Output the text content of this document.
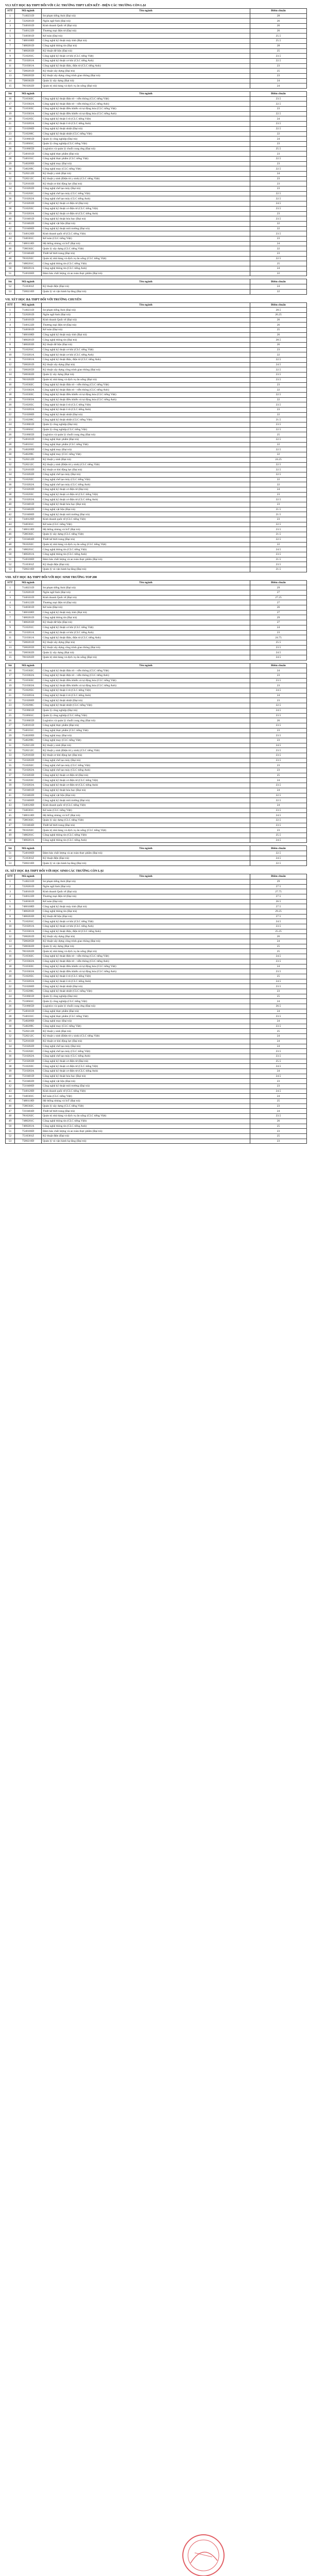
VI.3 XÉT HỌC BẠ THPT ĐỐI VỚI CÁC TRƯỜNG THPT LIÊN KẾT - ĐIỆN CÁC TRƯỜNG CÒN LẠI
STT	Mã ngành	Tên ngành	Điểm chuẩn
1	7140231D	Sư phạm tiếng Anh (Đại trà)	28
2	7220201D	Ngôn ngữ Anh (Đại trà)	26
3	7340101D	Kinh doanh Quốc tế (Đại trà)	26
4	7340122D	Thương mại điện tử (Đại trà)	26
5	7340301D	Kế toán (Đại trà)	25.5
6	7480108D	Công nghệ kỹ thuật máy tính (Đại trà)	25.5
7	7480201D	Công nghệ thông tin (Đại trà)	28
8	7480203D	Kỹ thuật dữ liệu (Đại trà)	25
9	7510201C	Công nghệ kỹ thuật cơ khí (CLC tiếng Việt)	23.5
10	7510201A	Công nghệ kỹ thuật cơ khí (CLC tiếng Anh)	22.5
11	7510301A	Công nghệ kỹ thuật điện, điện tử (CLC tiếng Anh)	23
12	7580201D	Kỹ thuật xây dựng (Đại trà)	25
13	7580205D	Kỹ thuật xây dựng công trình giao thông (Đại trà)	23
14	7580302D	Quản lý xây dựng (Đại trà)	24
15	7810202D	Quản trị nhà hàng và dịch vụ ăn uống (Đại trà)	24
Stt	Mã ngành	Tên ngành	Điểm chuẩn
16	7510302C	Công nghệ kỹ thuật điện tử - viễn thông (CLC tiếng Việt)	23.5
17	7510302A	Công nghệ kỹ thuật điện tử - viễn thông (CLC tiếng Anh)	22.5
18	7510303C	Công nghệ kỹ thuật điều khiển và tự động hóa (CLC tiếng Việt)	23
19	7510303A	Công nghệ kỹ thuật điều khiển và tự động hóa (CLC tiếng Anh)	22.5
20	7510205C	Công nghệ kỹ thuật ô tô (CLC tiếng Việt)	24
21	7510205A	Công nghệ kỹ thuật ô tô (CLC tiếng Anh)	23.5
22	7510206D	Công nghệ kỹ thuật nhiệt (Đại trà)	22.5
23	7510206C	Công nghệ kỹ thuật nhiệt (CLC tiếng Việt)	22
24	7510601D	Quản lý công nghiệp (Đại trà)	24
25	7510601C	Quản lý công nghiệp (CLC tiếng Việt)	23
26	7510605D	Logistics và quản lý chuỗi cung ứng (Đại trà)	25.5
27	7540101D	Công nghệ thực phẩm (Đại trà)	23
28	7540101C	Công nghệ thực phẩm (CLC tiếng Việt)	22.5
29	7540209D	Công nghệ may (Đại trà)	23
30	7540209C	Công nghệ may (CLC tiếng Việt)	22.5
31	7520212D	Kỹ thuật y sinh (Đại trà)	24
32	7520212C	Kỹ thuật y sinh (Điện tử y sinh) (CLC tiếng Việt)	23
33	7520103D	Kỹ thuật cơ khí động lực (Đại trà)	23
34	7510202D	Công nghệ chế tạo máy (Đại trà)	23
35	7510202C	Công nghệ chế tạo máy (CLC tiếng Việt)	22.5
36	7510202A	Công nghệ chế tạo máy (CLC tiếng Anh)	22.5
37	7510203D	Công nghệ kỹ thuật cơ điện tử (Đại trà)	24.5
38	7510203C	Công nghệ kỹ thuật cơ điện tử (CLC tiếng Việt)	23.5
39	7510203A	Công nghệ kỹ thuật cơ điện tử (CLC tiếng Anh)	23
40	7510401D	Công nghệ kỹ thuật hóa học (Đại trà)	23.5
41	7510402D	Công nghệ vật liệu (Đại trà)	22
42	7510406D	Công nghệ kỹ thuật môi trường (Đại trà)	22
43	7340120D	Kinh doanh quốc tế (CLC tiếng Việt)	23.5
44	7340301C	Kế toán (CLC tiếng Việt)	23
45	7480118D	Hệ thống nhúng và IoT (Đại trà)	24
46	7580302C	Quản lý xây dựng (CLC tiếng Việt)	22
47	7210404D	Thiết kế thời trang (Đại trà)	23
48	7810202C	Quản trị nhà hàng và dịch vụ ăn uống (CLC tiếng Việt)	22.5
49	7480201C	Công nghệ thông tin (CLC tiếng Việt)	25
50	7480201A	Công nghệ thông tin (CLC tiếng Anh)	24
51	7540106D	Đảm bảo chất lượng và an toàn thực phẩm (Đại trà)	22
Stt	Mã ngành	Tên ngành	Điểm chuẩn
52	7510301Z	Kỹ thuật điện (Đại trà)	24
53	7580210D	Quản lý và vận hành hạ tầng (Đại trà)	22
VII. XÉT HỌC BẠ THPT ĐỐI VỚI TRƯỜNG CHUYÊN
STT	Mã ngành	Tên ngành	Điểm chuẩn
1	7140231D	Sư phạm tiếng Anh (Đại trà)	28.5
2	7220201D	Ngôn ngữ Anh (Đại trà)	26.25
3	7340101D	Kinh doanh Quốc tế (Đại trà)	26
4	7340122D	Thương mại điện tử (Đại trà)	26
5	7340301D	Kế toán (Đại trà)	25
6	7480108D	Công nghệ kỹ thuật máy tính (Đại trà)	26
7	7480201D	Công nghệ thông tin (Đại trà)	28.5
8	7480203D	Kỹ thuật dữ liệu (Đại trà)	26
9	7510201C	Công nghệ kỹ thuật cơ khí (CLC tiếng Việt)	23
10	7510201A	Công nghệ kỹ thuật cơ khí (CLC tiếng Anh)	22
11	7510301A	Công nghệ kỹ thuật điện, điện tử (CLC tiếng Anh)	22.5
12	7580201D	Kỹ thuật xây dựng (Đại trà)	24.5
13	7580205D	Kỹ thuật xây dựng công trình giao thông (Đại trà)	22.5
14	7580302D	Quản lý xây dựng (Đại trà)	23.5
15	7810202D	Quản trị nhà hàng và dịch vụ ăn uống (Đại trà)	23.5
16	7510302C	Công nghệ kỹ thuật điện tử - viễn thông (CLC tiếng Việt)	23
17	7510302A	Công nghệ kỹ thuật điện tử - viễn thông (CLC tiếng Anh)	22
18	7510303C	Công nghệ kỹ thuật điều khiển và tự động hóa (CLC tiếng Việt)	22.5
19	7510303A	Công nghệ kỹ thuật điều khiển và tự động hóa (CLC tiếng Anh)	22
20	7510205C	Công nghệ kỹ thuật ô tô (CLC tiếng Việt)	23.5
21	7510205A	Công nghệ kỹ thuật ô tô (CLC tiếng Anh)	23
22	7510206D	Công nghệ kỹ thuật nhiệt (Đại trà)	22
23	7510206C	Công nghệ kỹ thuật nhiệt (CLC tiếng Việt)	21.5
24	7510601D	Quản lý công nghiệp (Đại trà)	23.5
25	7510601C	Quản lý công nghiệp (CLC tiếng Việt)	22.5
26	7510605D	Logistics và quản lý chuỗi cung ứng (Đại trà)	25
27	7540101D	Công nghệ thực phẩm (Đại trà)	22.5
28	7540101C	Công nghệ thực phẩm (CLC tiếng Việt)	22
29	7540209D	Công nghệ may (Đại trà)	22.5
30	7540209C	Công nghệ may (CLC tiếng Việt)	22
31	7520212D	Kỹ thuật y sinh (Đại trà)	24.25
32	7520212C	Kỹ thuật y sinh (Điện tử y sinh) (CLC tiếng Việt)	22.5
33	7520103D	Kỹ thuật cơ khí động lực (Đại trà)	22.5
34	7510202D	Công nghệ chế tạo máy (Đại trà)	22.5
35	7510202C	Công nghệ chế tạo máy (CLC tiếng Việt)	22
36	7510202A	Công nghệ chế tạo máy (CLC tiếng Anh)	22
37	7510203D	Công nghệ kỹ thuật cơ điện tử (Đại trà)	24
38	7510203C	Công nghệ kỹ thuật cơ điện tử (CLC tiếng Việt)	23
39	7510203A	Công nghệ kỹ thuật cơ điện tử (CLC tiếng Anh)	22.5
40	7510401D	Công nghệ kỹ thuật hóa học (Đại trà)	23
41	7510402D	Công nghệ vật liệu (Đại trà)	21.5
42	7510406D	Công nghệ kỹ thuật môi trường (Đại trà)	21.5
43	7340120D	Kinh doanh quốc tế (CLC tiếng Việt)	23
44	7340301C	Kế toán (CLC tiếng Việt)	22.5
45	7480118D	Hệ thống nhúng và IoT (Đại trà)	23.5
46	7580302C	Quản lý xây dựng (CLC tiếng Việt)	21.5
47	7210404D	Thiết kế thời trang (Đại trà)	22.5
48	7810202C	Quản trị nhà hàng và dịch vụ ăn uống (CLC tiếng Việt)	22
49	7480201C	Công nghệ thông tin (CLC tiếng Việt)	24.5
50	7480201A	Công nghệ thông tin (CLC tiếng Anh)	23.5
51	7540106D	Đảm bảo chất lượng và an toàn thực phẩm (Đại trà)	21.5
52	7510301Z	Kỹ thuật điện (Đại trà)	23.5
53	7580210D	Quản lý và vận hành hạ tầng (Đại trà)	21.5
VIII. XÉT HỌC BẠ THPT ĐỐI VỚI HỌC SINH TRƯỜNG TOP 200
STT	Mã ngành	Tên ngành	Điểm chuẩn
1	7140231D	Sư phạm tiếng Anh (Đại trà)	29
2	7220201D	Ngôn ngữ Anh (Đại trà)	27
3	7340101D	Kinh doanh Quốc tế (Đại trà)	27.25
4	7340122D	Thương mại điện tử (Đại trà)	27
5	7340301D	Kế toán (Đại trà)	26
6	7480108D	Công nghệ kỹ thuật máy tính (Đại trà)	27
7	7480201D	Công nghệ thông tin (Đại trà)	29
8	7480203D	Kỹ thuật dữ liệu (Đại trà)	27
9	7510201C	Công nghệ kỹ thuật cơ khí (CLC tiếng Việt)	24
10	7510201A	Công nghệ kỹ thuật cơ khí (CLC tiếng Anh)	23
11	7510301A	Công nghệ kỹ thuật điện, điện tử (CLC tiếng Anh)	24.75
12	7580201D	Kỹ thuật xây dựng (Đại trà)	25.5
13	7580205D	Kỹ thuật xây dựng công trình giao thông (Đại trà)	23.5
14	7580302D	Quản lý xây dựng (Đại trà)	24.5
15	7810202D	Quản trị nhà hàng và dịch vụ ăn uống (Đại trà)	24.5
Stt	Mã ngành	Tên ngành	Điểm chuẩn
16	7510302C	Công nghệ kỹ thuật điện tử - viễn thông (CLC tiếng Việt)	24
17	7510302A	Công nghệ kỹ thuật điện tử - viễn thông (CLC tiếng Anh)	23
18	7510303C	Công nghệ kỹ thuật điều khiển và tự động hóa (CLC tiếng Việt)	23.5
19	7510303A	Công nghệ kỹ thuật điều khiển và tự động hóa (CLC tiếng Anh)	23
20	7510205C	Công nghệ kỹ thuật ô tô (CLC tiếng Việt)	24.5
21	7510205A	Công nghệ kỹ thuật ô tô (CLC tiếng Anh)	24
22	7510206D	Công nghệ kỹ thuật nhiệt (Đại trà)	23
23	7510206C	Công nghệ kỹ thuật nhiệt (CLC tiếng Việt)	22.5
24	7510601D	Quản lý công nghiệp (Đại trà)	24.5
25	7510601C	Quản lý công nghiệp (CLC tiếng Việt)	23.5
26	7510605D	Logistics và quản lý chuỗi cung ứng (Đại trà)	26
27	7540101D	Công nghệ thực phẩm (Đại trà)	23.5
28	7540101C	Công nghệ thực phẩm (CLC tiếng Việt)	23
29	7540209D	Công nghệ may (Đại trà)	23.5
30	7540209C	Công nghệ may (CLC tiếng Việt)	23
31	7520212D	Kỹ thuật y sinh (Đại trà)	24.5
32	7520212C	Kỹ thuật y sinh (Điện tử y sinh) (CLC tiếng Việt)	23.5
33	7520103D	Kỹ thuật cơ khí động lực (Đại trà)	23.5
34	7510202D	Công nghệ chế tạo máy (Đại trà)	23.5
35	7510202C	Công nghệ chế tạo máy (CLC tiếng Việt)	23
36	7510202A	Công nghệ chế tạo máy (CLC tiếng Anh)	23
37	7510203D	Công nghệ kỹ thuật cơ điện tử (Đại trà)	25
38	7510203C	Công nghệ kỹ thuật cơ điện tử (CLC tiếng Việt)	24
39	7510203A	Công nghệ kỹ thuật cơ điện tử (CLC tiếng Anh)	23.5
40	7510401D	Công nghệ kỹ thuật hóa học (Đại trà)	24
41	7510402D	Công nghệ vật liệu (Đại trà)	22.5
42	7510406D	Công nghệ kỹ thuật môi trường (Đại trà)	22.5
43	7340120D	Kinh doanh quốc tế (CLC tiếng Việt)	24
44	7340301C	Kế toán (CLC tiếng Việt)	23.5
45	7480118D	Hệ thống nhúng và IoT (Đại trà)	24.5
46	7580302C	Quản lý xây dựng (CLC tiếng Việt)	22.5
47	7210404D	Thiết kế thời trang (Đại trà)	23.5
48	7810202C	Quản trị nhà hàng và dịch vụ ăn uống (CLC tiếng Việt)	23
49	7480201C	Công nghệ thông tin (CLC tiếng Việt)	25.5
50	7480201A	Công nghệ thông tin (CLC tiếng Anh)	24.5
Stt	Mã ngành	Tên ngành	Điểm chuẩn
51	7540106D	Đảm bảo chất lượng và an toàn thực phẩm (Đại trà)	22.5
52	7510301Z	Kỹ thuật điện (Đại trà)	24.5
53	7580210D	Quản lý và vận hành hạ tầng (Đại trà)	22.5
IX. XÉT HỌC BẠ THPT ĐỐI VỚI HỌC SINH CÁC TRƯỜNG CÒN LẠI
STT	Mã ngành	Tên ngành	Điểm chuẩn
1	7140231D	Sư phạm tiếng Anh (Đại trà)	29
2	7220201D	Ngôn ngữ Anh (Đại trà)	27.5
3	7340101D	Kinh doanh Quốc tế (Đại trà)	27.75
4	7340122D	Thương mại điện tử (Đại trà)	27.5
5	7340301D	Kế toán (Đại trà)	26.5
6	7480108D	Công nghệ kỹ thuật máy tính (Đại trà)	27.5
7	7480201D	Công nghệ thông tin (Đại trà)	29.25
8	7480203D	Kỹ thuật dữ liệu (Đại trà)	27.5
9	7510201C	Công nghệ kỹ thuật cơ khí (CLC tiếng Việt)	24.5
10	7510201A	Công nghệ kỹ thuật cơ khí (CLC tiếng Anh)	23.5
11	7510301A	Công nghệ kỹ thuật điện, điện tử (CLC tiếng Anh)	25.25
12	7580201D	Kỹ thuật xây dựng (Đại trà)	26
13	7580205D	Kỹ thuật xây dựng công trình giao thông (Đại trà)	24
14	7580302D	Quản lý xây dựng (Đại trà)	25
15	7810202D	Quản trị nhà hàng và dịch vụ ăn uống (Đại trà)	25
16	7510302C	Công nghệ kỹ thuật điện tử - viễn thông (CLC tiếng Việt)	24.5
17	7510302A	Công nghệ kỹ thuật điện tử - viễn thông (CLC tiếng Anh)	23.5
18	7510303C	Công nghệ kỹ thuật điều khiển và tự động hóa (CLC tiếng Việt)	24
19	7510303A	Công nghệ kỹ thuật điều khiển và tự động hóa (CLC tiếng Anh)	23.5
20	7510205C	Công nghệ kỹ thuật ô tô (CLC tiếng Việt)	25
21	7510205A	Công nghệ kỹ thuật ô tô (CLC tiếng Anh)	24.5
22	7510206D	Công nghệ kỹ thuật nhiệt (Đại trà)	23.5
23	7510206C	Công nghệ kỹ thuật nhiệt (CLC tiếng Việt)	23
24	7510601D	Quản lý công nghiệp (Đại trà)	25
25	7510601C	Quản lý công nghiệp (CLC tiếng Việt)	24
26	7510605D	Logistics và quản lý chuỗi cung ứng (Đại trà)	26.5
27	7540101D	Công nghệ thực phẩm (Đại trà)	24
28	7540101C	Công nghệ thực phẩm (CLC tiếng Việt)	23.5
29	7540209D	Công nghệ may (Đại trà)	24
30	7540209C	Công nghệ may (CLC tiếng Việt)	23.5
31	7520212D	Kỹ thuật y sinh (Đại trà)	25
32	7520212C	Kỹ thuật y sinh (Điện tử y sinh) (CLC tiếng Việt)	24
33	7520103D	Kỹ thuật cơ khí động lực (Đại trà)	24
34	7510202D	Công nghệ chế tạo máy (Đại trà)	24
35	7510202C	Công nghệ chế tạo máy (CLC tiếng Việt)	23.5
36	7510202A	Công nghệ chế tạo máy (CLC tiếng Anh)	23.5
37	7510203D	Công nghệ kỹ thuật cơ điện tử (Đại trà)	25.5
38	7510203C	Công nghệ kỹ thuật cơ điện tử (CLC tiếng Việt)	24.5
39	7510203A	Công nghệ kỹ thuật cơ điện tử (CLC tiếng Anh)	24
40	7510401D	Công nghệ kỹ thuật hóa học (Đại trà)	24.5
41	7510402D	Công nghệ vật liệu (Đại trà)	23
42	7510406D	Công nghệ kỹ thuật môi trường (Đại trà)	23
43	7340120D	Kinh doanh quốc tế (CLC tiếng Việt)	24.5
44	7340301C	Kế toán (CLC tiếng Việt)	24
45	7480118D	Hệ thống nhúng và IoT (Đại trà)	25
46	7580302C	Quản lý xây dựng (CLC tiếng Việt)	23
47	7210404D	Thiết kế thời trang (Đại trà)	24
48	7810202C	Quản trị nhà hàng và dịch vụ ăn uống (CLC tiếng Việt)	23.5
49	7480201C	Công nghệ thông tin (CLC tiếng Việt)	26
50	7480201A	Công nghệ thông tin (CLC tiếng Anh)	25
51	7540106D	Đảm bảo chất lượng và an toàn thực phẩm (Đại trà)	23
52	7510301Z	Kỹ thuật điện (Đại trà)	25
53	7580210D	Quản lý và vận hành hạ tầng (Đại trà)	23
